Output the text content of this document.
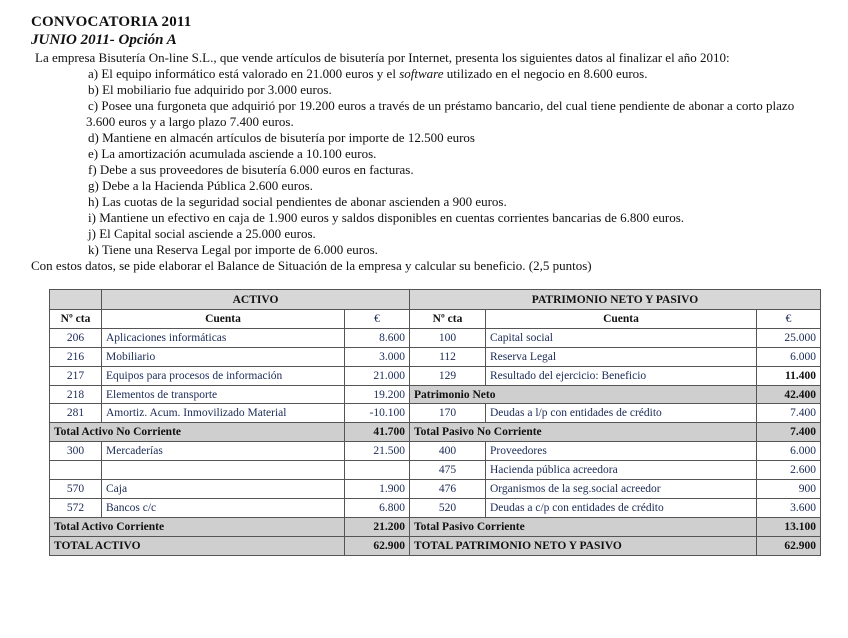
CONVOCATORIA 2011
JUNIO 2011- Opción A
La empresa Bisutería On-line S.L., que vende artículos de bisutería por Internet, presenta los siguientes datos al finalizar el año 2010:
a) El equipo informático está valorado en 21.000 euros y el software utilizado en el negocio en 8.600 euros.
b) El mobiliario fue adquirido por 3.000 euros.
c) Posee una furgoneta que adquirió por 19.200 euros a través de un préstamo bancario, del cual tiene pendiente de abonar a corto plazo
3.600 euros y a largo plazo 7.400 euros.
d) Mantiene en almacén artículos de bisutería por importe de 12.500 euros
e) La amortización acumulada asciende a 10.100 euros.
f) Debe a sus proveedores de bisutería 6.000 euros en facturas.
g) Debe a la Hacienda Pública 2.600 euros.
h) Las cuotas de la seguridad social pendientes de abonar ascienden a 900 euros.
i) Mantiene un efectivo en caja de 1.900 euros y saldos disponibles en cuentas corrientes bancarias de 6.800 euros.
j) El Capital social asciende a 25.000 euros.
k) Tiene una Reserva Legal por importe de 6.000 euros.
Con estos datos, se pide elaborar el Balance de Situación de la empresa y calcular su beneficio. (2,5 puntos)
	ACTIVO		PATRIMONIO NETO Y PASIVO		
Nº cta	Cuenta	€	Nº cta	Cuenta	€
206	Aplicaciones informáticas	8.600	100	Capital social	25.000
216	Mobiliario	3.000	112	Reserva Legal	6.000
217	Equipos para procesos de información	21.000	129	Resultado del ejercicio: Beneficio	11.400
218	Elementos de transporte	19.200	Patrimonio Neto		42.400
281	Amortiz. Acum. Inmovilizado Material	-10.100	170	Deudas a l/p con entidades de crédito	7.400
Total Activo No Corriente		41.700	Total Pasivo No Corriente		7.400
300	Mercaderías	21.500	400	Proveedores	6.000
			475	Hacienda pública acreedora	2.600
570	Caja	1.900	476	Organismos de la seg.social acreedor	900
572	Bancos c/c	6.800	520	Deudas a c/p con entidades de crédito	3.600
Total Activo Corriente		21.200	Total Pasivo Corriente		13.100
TOTAL ACTIVO		62.900	TOTAL PATRIMONIO NETO Y PASIVO		62.900
